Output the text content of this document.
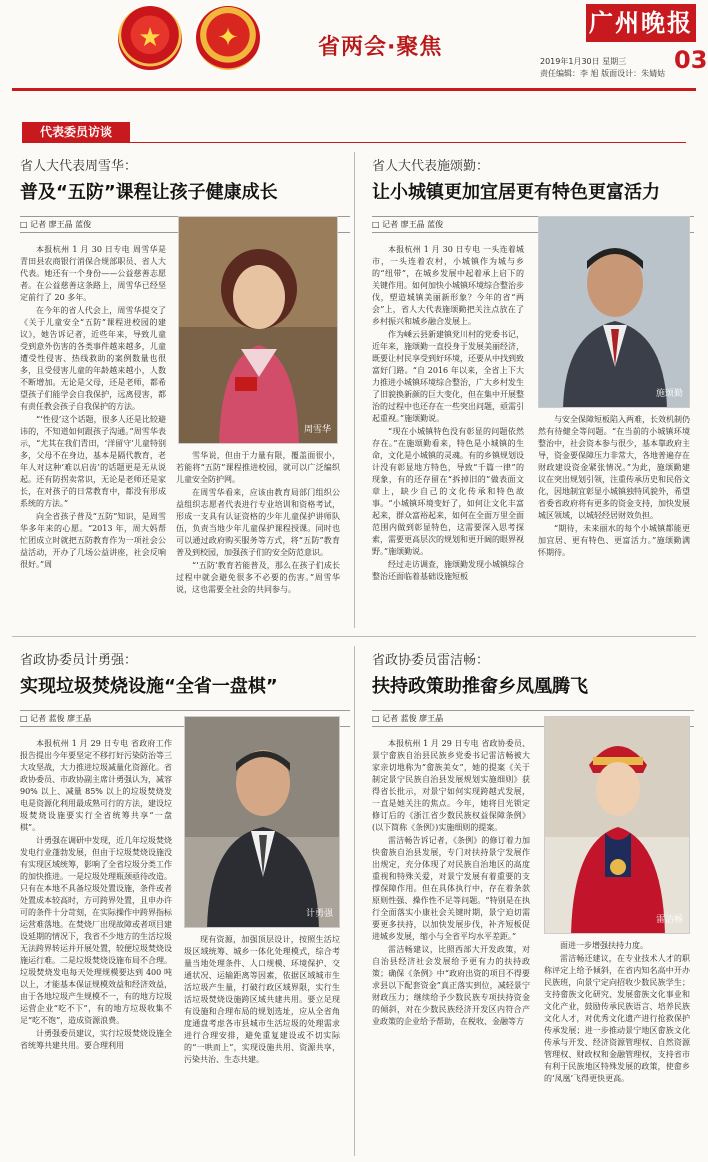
★ ✦	省两会·聚焦
广州晚报
2019年1月30日 星期三
责任编辑：李 旭 版面设计：朱婧姑 03
代表委员访谈
省人大代表周雪华：
普及“五防”课程让孩子健康成长
□ 记者 廖王晶 蓝俊

本报杭州 1 月 30 日专电 周雪华是青田县农商银行消保合规部职员、省人大代表。她还有一个身份——公益慈善志愿者。在公益慈善这条路上，周雪华已经坚定前行了 20 多年。

在今年的省人代会上，周雪华提交了《关于儿童安全“五防”课程进校园的建议》，她告诉记者，近些年来，导致儿童受到意外伤害的各类事件越来越多，儿童遭受性侵害、热线救助的案例数量也很多，且受侵害儿童的年龄越来越小，人数不断增加。无论是父母，还是老师，都希望孩子们能学会自我保护，远离侵害，都有责任教会孩子自我保护的方法。

“‘性侵’这个话题，很多人还是比较避讳的，不知道如何跟孩子沟通。”周雪华表示，“尤其在我们青田，‘洋留守’儿童特别多，父母不在身边，基本是隔代教育，老年人对这种‘难以启齿’的话题更是无从说起。还有防拐卖常识，无论是老师还是家长，在对孩子的日常教育中，都没有形成系统的方法。”

向全省孩子普及“五防”知识，是周雪华多年来的心愿。“2013 年，周大妈帮忙团成立时就把五防教育作为一项社会公益活动，开办了几场公益讲座，社会反响很好。”周

周雪华

雪华说，但由于力量有限，覆盖面很小，若能将“五防”课程推进校园，就可以广泛编织儿童安全防护网。

在周雪华看来，应该由教育局部门组织公益组织志愿者代表进行专业培训和资格考试，形成一支具有认证资格的少年儿童保护讲师队伍，负责当地少年儿童保护课程授课。同时也可以通过政府购买服务等方式，将“五防”教育普及到校园，加强孩子们的安全防范意识。

“‘五防’教育若能普及，那么在孩子们成长过程中就会避免很多不必要的伤害。”周雪华说，这也需要全社会的共同参与。

省人大代表施颂勤：
让小城镇更加宜居更有特色更富活力
□ 记者 廖王晶 蓝俊

本报杭州 1 月 30 日专电 一头连着城市，一头连着农村，小城镇作为城与乡的“纽带”，在城乡发展中起着承上启下的关键作用。如何加快小城镇环境综合整治步伐，塑造城镇美丽新形象？今年的省“两会”上，省人大代表施颂勤把关注点放在了乡村振兴和城乡融合发展上。

作为嵊云县新建镇党川村的党委书记，近年来，施颂勤一直投身于发展美丽经济，既要让村民享受到好环境，还要从中找到致富好门路。“自 2016 年以来，全省上下大力推进小城镇环境综合整治，广大乡村发生了旧貌换新颜的巨大变化，但在集中开展整治的过程中也还存在一些突出问题，亟需引起重视。”施颂勤说。

“现在小城镇特色没有彰显的问题依然存在。”在施颂勤看来，特色是小城镇的生命，文化是小城镇的灵魂。有的乡镇规划设计没有彰显地方特色，导致“千篇一律”的现象，有的还存留在“拆掉旧的”做表面文章上，缺少自己的文化传承和特色故事。“小城镇环境变好了，如何让文化丰富起来，群众富裕起来，如何在全面万里全面范围内做到彰显特色，这需要深入思考探索，需要更高层次的规划和更开阔的眼界视野。”施颂勤说。

经过走访调查，施颂勤发现小城镇综合整治还面临着基础设施短板

施颂勤

与安全保障短板陷入两难，长效机制仍然有待健全等问题。“在当前的小城镇环境整治中，社会资本参与很少，基本靠政府主导，资金要保障压力非常大，各地普遍存在财政建设资金紧张情况。”为此，施颂勤建议在突出规划引领，注重传承历史和民俗文化，因地制宜彰显小城镇独特风貌外，希望省委省政府将有更多的资金支持，加快发展城区领域，以城轻经居财效负担。

“期待，未来丽水的每个小城镇都能更加宜居、更有特色、更富活力。”施颂勤满怀期待。

省政协委员计勇强：
实现垃圾焚烧设施“全省一盘棋”
□ 记者 蓝俊 廖王晶

本报杭州 1 月 29 日专电 省政府工作报告提出今年要坚定不移打好污染防治等三大攻坚战，大力推进垃圾减量化资源化。省政协委员、市政协副主席计勇强认为，减容 90% 以上、减量 85% 以上的垃圾焚烧发电是资源化利用最成熟可行的方法，建设垃圾焚烧设施要实行全省统筹共享“一盘棋”。

计勇强在调研中发现，近几年垃圾焚烧发电行业蓬勃发展，但由于垃圾焚烧设施没有实现区域统筹，影响了全省垃圾分类工作的加快推进。一是垃圾处理瓶颈亟待改造。只有在本地不具备垃圾处置设施，条件或者处置成本较高时，方可跨界处置，且申办许可的条件十分苛刻，在实际操作中跨界指标运营难落地。在焚烧厂出现故障或者项目建设延期的情况下，我省不少地方的生活垃圾无法跨界转运并开展处置，较便垃圾焚烧设施运行难。二是垃圾焚烧设施布局不合理。垃圾焚烧发电每天处理规模要达到 400 吨以上，才能基本保证规模效益和经济效益，由于各地垃圾产生规模不一，有的地方垃圾运营企业“吃不下”，有的地方垃圾收集不足“吃不饱”，造成资源浪费。

计勇强委员建议，实行垃圾焚烧设施全省统筹共建共用。要合理利用

计勇强

现有资源，加强顶层设计，按照生活垃圾区域统筹、城乡一体化处理模式，综合考量当地处理条件、人口规模、环境保护、交通状况、运输距离等因素，依据区域城市生活垃圾产生量，打破行政区域界限，实行生活垃圾焚烧设施跨区域共建共用。要立足现有设施和合理布局的规划选址，应从全省角度通盘考虑各市县城市生活垃圾的处理需求进行合理安排，避免重复建设或不切实际的“一哄而上”，实现设施共用、资源共享，污染共治、生态共建。

省政协委员雷洁畅：
扶持政策助推畲乡凤凰腾飞
□ 记者 蓝俊 廖王晶

本报杭州 1 月 29 日专电 省政协委员、景宁畲族自治县民族乡党委书记雷洁畅被大家亲切地称为“畲族美女”，她的提案《关于制定景宁民族自治县发展规划实施细则》获得省长批示，对景宁如何实现跨越式发展，一直是她关注的焦点。今年，她将目光锁定修订后的《浙江省少数民族权益保障条例》(以下简称《条例》)实施细则的提案。

雷洁畅告诉记者，《条例》的修订着力加快畲族自治县发展，专门对扶持景宁发展作出规定，充分体现了对民族自治地区的高度重视和特殊关爱，对景宁发展有着重要的支撑保障作用。但在具体执行中，存在着条款原则性强、操作性不足等问题。“特别是在执行全面落实小康社会关键时期，景宁迫切需要更多扶持，以加快发展步伐，补齐短板促进城乡发展，缩小与全省平均水平差距。”

雷洁畅建议，比照西部大开发政策，对自治县经济社会发展给予更有力的扶持政策；确保《条例》中“政府出资的项目不得要求县以下配套资金”真正落实到位，减轻景宁财政压力；继续给予少数民族专项扶持资金的倾斜，对在少数民族经济开发区内符合产业政策的企业给予帮助，在税收、金融等方

雷洁畅

面进一步增强扶持力度。

雷洁畅还建议，在专业技术人才的职称评定上给予倾斜，在省内知名高中开办民族班，向景宁定向招收少数民族学生；支持畲族文化研究、发展畲族文化事业和文化产业，鼓励传承民族语言、培养民族文化人才，对优秀文化遗产进行抢救保护传承发展；进一步推动景宁地区畲族文化传承与开发、经济资源管理权、自然资源管理权、财政权和金融管理权，支持省市有利于民族地区特殊发展的政策，使畲乡的‘凤凰’飞得更快更高。
